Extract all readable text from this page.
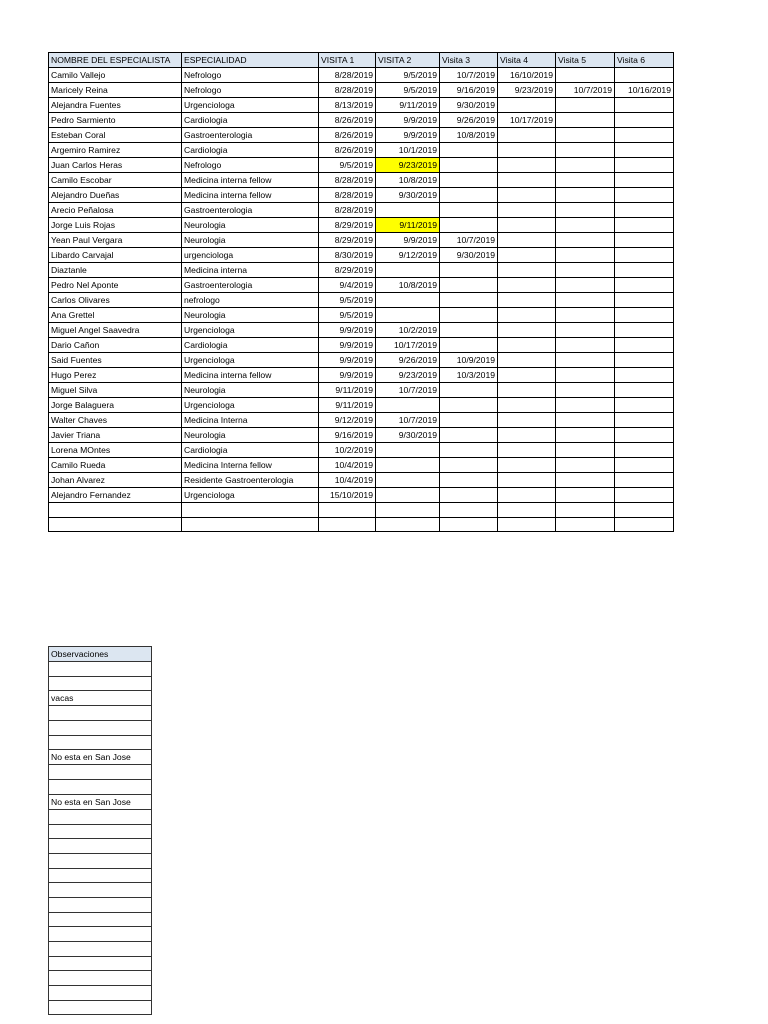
NOMBRE DEL ESPECIALISTA	ESPECIALIDAD	VISITA 1	VISITA 2	Visita 3	Visita 4	Visita 5	Visita 6
Camilo Vallejo	Nefrologo	8/28/2019	9/5/2019	10/7/2019	16/10/2019		
Maricely Reina	Nefrologo	8/28/2019	9/5/2019	9/16/2019	9/23/2019	10/7/2019	10/16/2019
Alejandra Fuentes	Urgenciologa	8/13/2019	9/11/2019	9/30/2019			
Pedro Sarmiento	Cardiologia	8/26/2019	9/9/2019	9/26/2019	10/17/2019		
Esteban Coral	Gastroenterologia	8/26/2019	9/9/2019	10/8/2019			
Argemiro Ramirez	Cardiologia	8/26/2019	10/1/2019				
Juan Carlos Heras	Nefrologo	9/5/2019	9/23/2019				
Camilo Escobar	Medicina interna fellow	8/28/2019	10/8/2019				
Alejandro Dueñas	Medicina interna fellow	8/28/2019	9/30/2019				
Arecio Peñalosa	Gastroenterologia	8/28/2019					
Jorge Luis Rojas	Neurologia	8/29/2019	9/11/2019				
Yean Paul Vergara	Neurologia	8/29/2019	9/9/2019	10/7/2019			
Libardo Carvajal	urgenciologa	8/30/2019	9/12/2019	9/30/2019			
Diaztanle	Medicina interna	8/29/2019					
Pedro Nel Aponte	Gastroenterologia	9/4/2019	10/8/2019				
Carlos Olivares	nefrologo	9/5/2019					
Ana Grettel	Neurologia	9/5/2019					
Miguel Angel Saavedra	Urgenciologa	9/9/2019	10/2/2019				
Dario Cañon	Cardiologia	9/9/2019	10/17/2019				
Said Fuentes	Urgenciologa	9/9/2019	9/26/2019	10/9/2019			
Hugo Perez	Medicina interna fellow	9/9/2019	9/23/2019	10/3/2019			
Miguel Silva	Neurologia	9/11/2019	10/7/2019				
Jorge Balaguera	Urgenciologa	9/11/2019					
Walter Chaves	Medicina Interna	9/12/2019	10/7/2019				
Javier Triana	Neurologia	9/16/2019	9/30/2019				
Lorena MOntes	Cardiologia	10/2/2019					
Camilo Rueda	Medicina Interna fellow	10/4/2019					
Johan Alvarez	Residente Gastroenterologia	10/4/2019					
Alejandro Fernandez	Urgenciologa	15/10/2019					

Observaciones

vacas

No esta en San Jose

No esta en San Jose
